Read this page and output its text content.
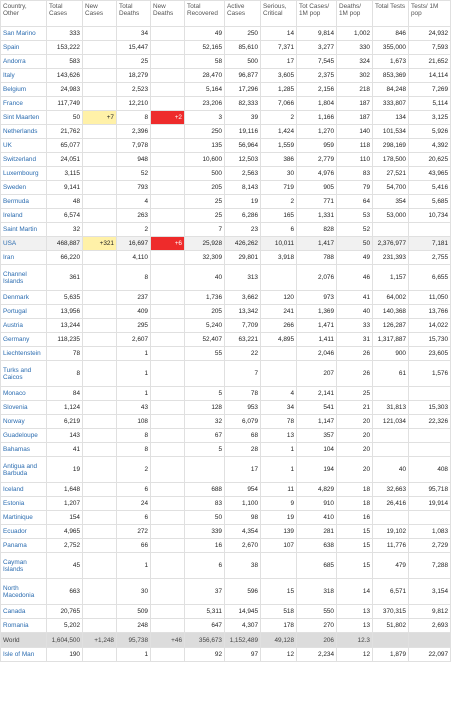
Country, Other	Total Cases	New Cases	Total Deaths	New Deaths	Total Recovered	Active Cases	Serious, Critical	Tot Cases/ 1M pop	Deaths/ 1M pop	Total Tests	Tests/ 1M pop
San Marino	333		34		49	250	14	9,814	1,002	846	24,932
Spain	153,222		15,447		52,165	85,610	7,371	3,277	330	355,000	7,593
Andorra	583		25		58	500	17	7,545	324	1,673	21,652
Italy	143,626		18,279		28,470	96,877	3,605	2,375	302	853,369	14,114
Belgium	24,983		2,523		5,164	17,296	1,285	2,156	218	84,248	7,269
France	117,749		12,210		23,206	82,333	7,066	1,804	187	333,807	5,114
Sint Maarten	50	+7	8	+2	3	39	2	1,166	187	134	3,125
Netherlands	21,762		2,396		250	19,116	1,424	1,270	140	101,534	5,926
UK	65,077		7,978		135	56,964	1,559	959	118	298,169	4,392
Switzerland	24,051		948		10,600	12,503	386	2,779	110	178,500	20,625
Luxembourg	3,115		52		500	2,563	30	4,976	83	27,521	43,965
Sweden	9,141		793		205	8,143	719	905	79	54,700	5,416
Bermuda	48		4		25	19	2	771	64	354	5,685
Ireland	6,574		263		25	6,286	165	1,331	53	53,000	10,734
Saint Martin	32		2		7	23	6	828	52		
USA	468,887	+321	16,697	+6	25,928	426,262	10,011	1,417	50	2,376,977	7,181
Iran	66,220		4,110		32,309	29,801	3,918	788	49	231,393	2,755
Channel Islands	361		8		40	313		2,076	46	1,157	6,655
Denmark	5,635		237		1,736	3,662	120	973	41	64,002	11,050
Portugal	13,956		409		205	13,342	241	1,369	40	140,368	13,766
Austria	13,244		295		5,240	7,709	266	1,471	33	126,287	14,022
Germany	118,235		2,607		52,407	63,221	4,895	1,411	31	1,317,887	15,730
Liechtenstein	78		1		55	22		2,046	26	900	23,605
Turks and Caicos	8		1			7		207	26	61	1,576
Monaco	84		1		5	78	4	2,141	25		
Slovenia	1,124		43		128	953	34	541	21	31,813	15,303
Norway	6,219		108		32	6,079	78	1,147	20	121,034	22,326
Guadeloupe	143		8		67	68	13	357	20		
Bahamas	41		8		5	28	1	104	20		
Antigua and Barbuda	19		2			17	1	194	20	40	408
Iceland	1,648		6		688	954	11	4,829	18	32,663	95,718
Estonia	1,207		24		83	1,100	9	910	18	26,416	19,914
Martinique	154		6		50	98	19	410	16		
Ecuador	4,965		272		339	4,354	139	281	15	19,102	1,083
Panama	2,752		66		16	2,670	107	638	15	11,776	2,729
Cayman Islands	45		1		6	38		685	15	479	7,288
North Macedonia	663		30		37	596	15	318	14	6,571	3,154
Canada	20,765		509		5,311	14,945	518	550	13	370,315	9,812
Romania	5,202		248		647	4,307	178	270	13	51,802	2,693
World	1,604,500	+1,248	95,738	+46	356,673	1,152,489	49,128	206	12.3		
Isle of Man	190		1		92	97	12	2,234	12	1,879	22,097
